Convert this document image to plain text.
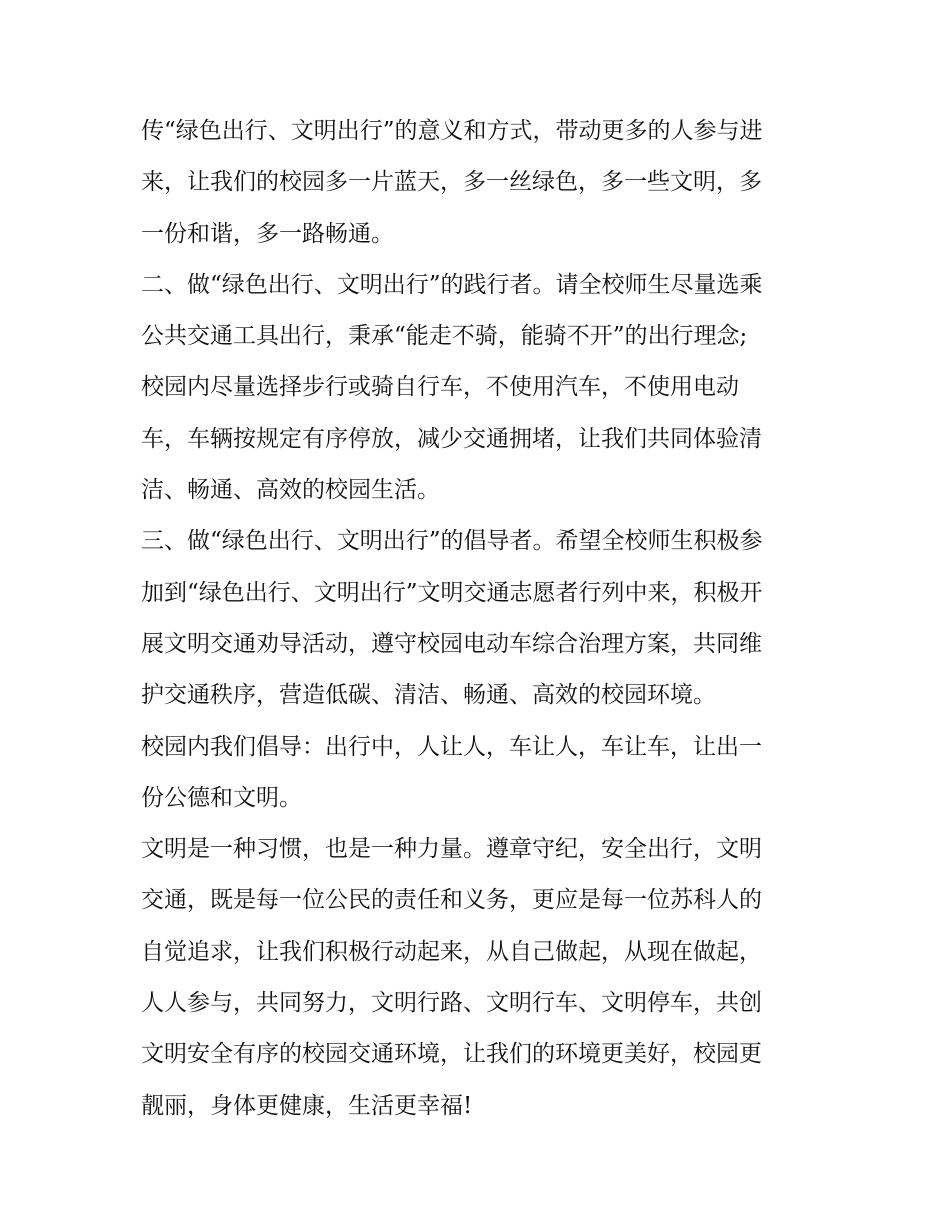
传“绿色出行、文明出行”的意义和方式，带动更多的人参与进
来，让我们的校园多一片蓝天，多一丝绿色，多一些文明，多
一份和谐，多一路畅通。
二、做“绿色出行、文明出行”的践行者。请全校师生尽量选乘
公共交通工具出行，秉承“能走不骑，能骑不开”的出行理念;
校园内尽量选择步行或骑自行车，不使用汽车，不使用电动
车，车辆按规定有序停放，减少交通拥堵，让我们共同体验清
洁、畅通、高效的校园生活。
三、做“绿色出行、文明出行”的倡导者。希望全校师生积极参
加到“绿色出行、文明出行”文明交通志愿者行列中来，积极开
展文明交通劝导活动，遵守校园电动车综合治理方案，共同维
护交通秩序，营造低碳、清洁、畅通、高效的校园环境。
校园内我们倡导：出行中，人让人，车让人，车让车，让出一
份公德和文明。
文明是一种习惯，也是一种力量。遵章守纪，安全出行，文明
交通，既是每一位公民的责任和义务，更应是每一位苏科人的
自觉追求，让我们积极行动起来，从自己做起，从现在做起，
人人参与，共同努力，文明行路、文明行车、文明停车，共创
文明安全有序的校园交通环境，让我们的环境更美好，校园更
靓丽，身体更健康，生活更幸福!
